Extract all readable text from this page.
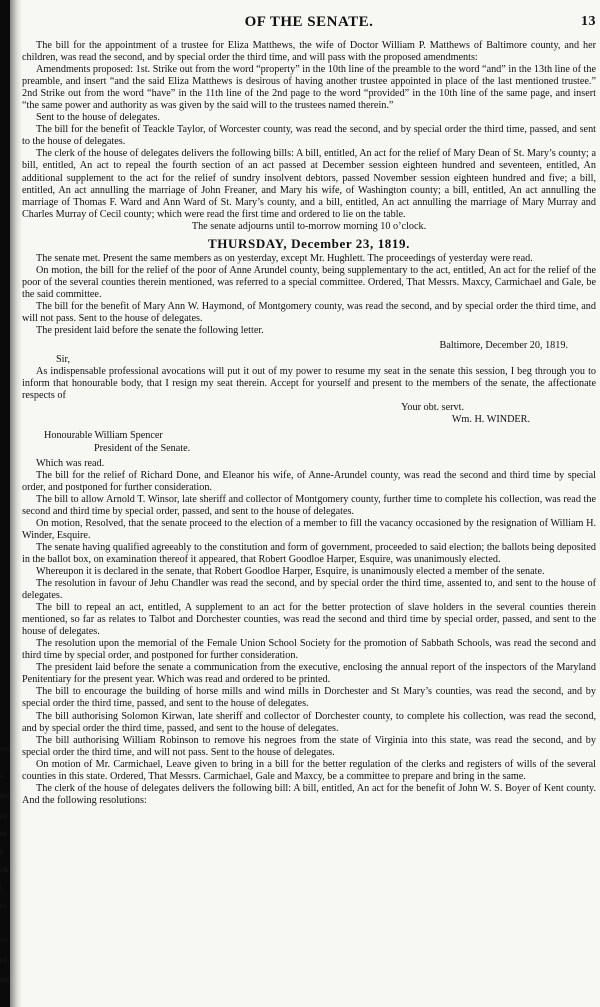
en-
o
ble
eir
ne
e
cia
t
ei
ini
ell,
ere
OF THE SENATE.	13

The bill for the appointment of a trustee for Eliza Matthews, the wife of Doctor William P. Matthews of Baltimore county, and her children, was read the second, and by special order the third time, and will pass with the proposed amendments:

Amendments proposed: 1st. Strike out from the word “property” in the 10th line of the preamble to the word “and” in the 13th line of the preamble, and insert “and the said Eliza Matthews is desirous of having another trustee appointed in place of the last mentioned trustee.” 2nd Strike out from the word “have” in the 11th line of the 2nd page to the word “provided” in the 10th line of the same page, and insert “the same power and authority as was given by the said will to the trustees named therein.”

Sent to the house of delegates.

The bill for the benefit of Teackle Taylor, of Worcester county, was read the second, and by special order the third time, passed, and sent to the house of delegates.

The clerk of the house of delegates delivers the following bills: A bill, entitled, An act for the relief of Mary Dean of St. Mary’s county; a bill, entitled, An act to repeal the fourth section of an act passed at December session eighteen hundred and seventeen, entitled, An additional supplement to the act for the relief of sundry insolvent debtors, passed November session eighteen hundred and five; a bill, entitled, An act annulling the marriage of John Freaner, and Mary his wife, of Washington county; a bill, entitled, An act annulling the marriage of Thomas F. Ward and Ann Ward of St. Mary’s county, and a bill, entitled, An act annulling the marriage of Mary Murray and Charles Murray of Cecil county; which were read the first time and ordered to lie on the table.

The senate adjourns until to-morrow morning 10 o’clock.

THURSDAY, December 23, 1819.

The senate met. Present the same members as on yesterday, except Mr. Hughlett. The proceedings of yesterday were read.

On motion, the bill for the relief of the poor of Anne Arundel county, being supplementary to the act, entitled, An act for the relief of the poor of the several counties therein mentioned, was referred to a special committee. Ordered, That Messrs. Maxcy, Carmichael and Gale, be the said committee.

The bill for the benefit of Mary Ann W. Haymond, of Montgomery county, was read the second, and by special order the third time, and will not pass. Sent to the house of delegates.

The president laid before the senate the following letter.

Baltimore, December 20, 1819.

Sir,

As indispensable professional avocations will put it out of my power to resume my seat in the senate this session, I beg through you to inform that honourable body, that I resign my seat therein. Accept for yourself and present to the members of the senate, the affectionate respects of

Your obt. servt.

Wm. H. WINDER.

Honourable William Spencer

President of the Senate.

Which was read.

The bill for the relief of Richard Done, and Eleanor his wife, of Anne-Arundel county, was read the second and third time by special order, and postponed for further consideration.

The bill to allow Arnold T. Winsor, late sheriff and collector of Montgomery county, further time to complete his collection, was read the second and third time by special order, passed, and sent to the house of delegates.

On motion, Resolved, that the senate proceed to the election of a member to fill the vacancy occasioned by the resignation of William H. Winder, Esquire.

The senate having qualified agreeably to the constitution and form of government, proceeded to said election; the ballots being deposited in the ballot box, on examination thereof it appeared, that Robert Goodloe Harper, Esquire, was unanimously elected.

Whereupon it is declared in the senate, that Robert Goodloe Harper, Esquire, is unanimously elected a member of the senate.

The resolution in favour of Jehu Chandler was read the second, and by special order the third time, assented to, and sent to the house of delegates.

The bill to repeal an act, entitled, A supplement to an act for the better protection of slave holders in the several counties therein mentioned, so far as relates to Talbot and Dorchester counties, was read the second and third time by special order, passed, and sent to the house of delegates.

The resolution upon the memorial of the Female Union School Society for the promotion of Sabbath Schools, was read the second and third time by special order, and postponed for further consideration.

The president laid before the senate a communication from the executive, enclosing the annual report of the inspectors of the Maryland Penitentiary for the present year. Which was read and ordered to be printed.

The bill to encourage the building of horse mills and wind mills in Dorchester and St Mary’s counties, was read the second, and by special order the third time, passed, and sent to the house of delegates.

The bill authorising Solomon Kirwan, late sheriff and collector of Dorchester county, to complete his collection, was read the second, and by special order the third time, passed, and sent to the house of delegates.

The bill authorising William Robinson to remove his negroes from the state of Virginia into this state, was read the second, and by special order the third time, and will not pass. Sent to the house of delegates.

On motion of Mr. Carmichael, Leave given to bring in a bill for the better regulation of the clerks and registers of wills of the several counties in this state. Ordered, That Messrs. Carmichael, Gale and Maxcy, be a committee to prepare and bring in the same.

The clerk of the house of delegates delivers the following bill: A bill, entitled, An act for the benefit of John W. S. Boyer of Kent county. And the following resolutions:
